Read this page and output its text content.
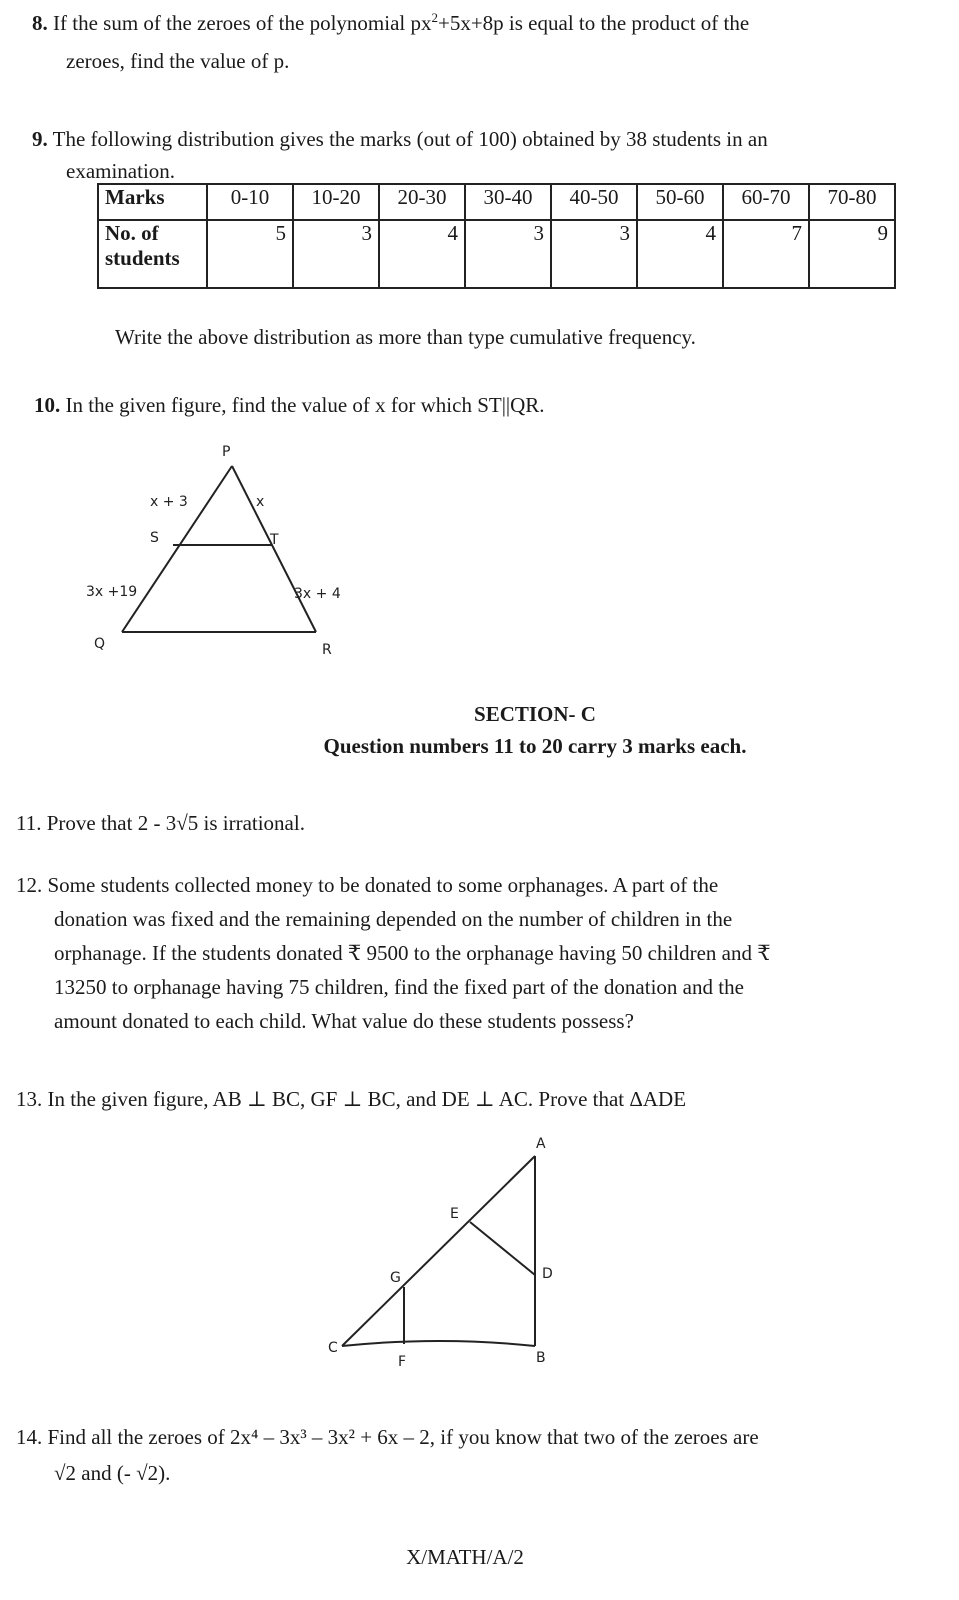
8. If the sum of the zeroes of the polynomial $px^2+5x+8p$ is equal to the product of the
zeroes, find the value of p.
9. The following distribution gives the marks (out of 100) obtained by 38 students in an
examination.
Marks	0-10	10-20	20-30	30-40	40-50	50-60	60-70	70-80
No. of
students	5	3	4	3	3	4	7	9
Write the above distribution as more than type cumulative frequency.
10. In the given figure, find the value of x for which ST||QR.
P
x + 3	x
S	T
3x +19	3x + 4
Q	R
SECTION- C
Question numbers 11 to 20 carry 3 marks each.
11. Prove that 2 - 3√5 is irrational.
12. Some students collected money to be donated to some orphanages. A part of the
donation was fixed and the remaining depended on the number of children in the
orphanage. If the students donated ₹ 9500 to the orphanage having 50 children and ₹
13250 to orphanage having 75 children, find the fixed part of the donation and the
amount donated to each child. What value do these students possess?
13. In the given figure, AB ⊥ BC, GF ⊥ BC, and DE ⊥ AC. Prove that ΔADE
A
E
D
G
C
F	B
14. Find all the zeroes of 2x⁴ – 3x³ – 3x² + 6x – 2, if you know that two of the zeroes are
√2 and (- √2).
X/MATH/A/2
